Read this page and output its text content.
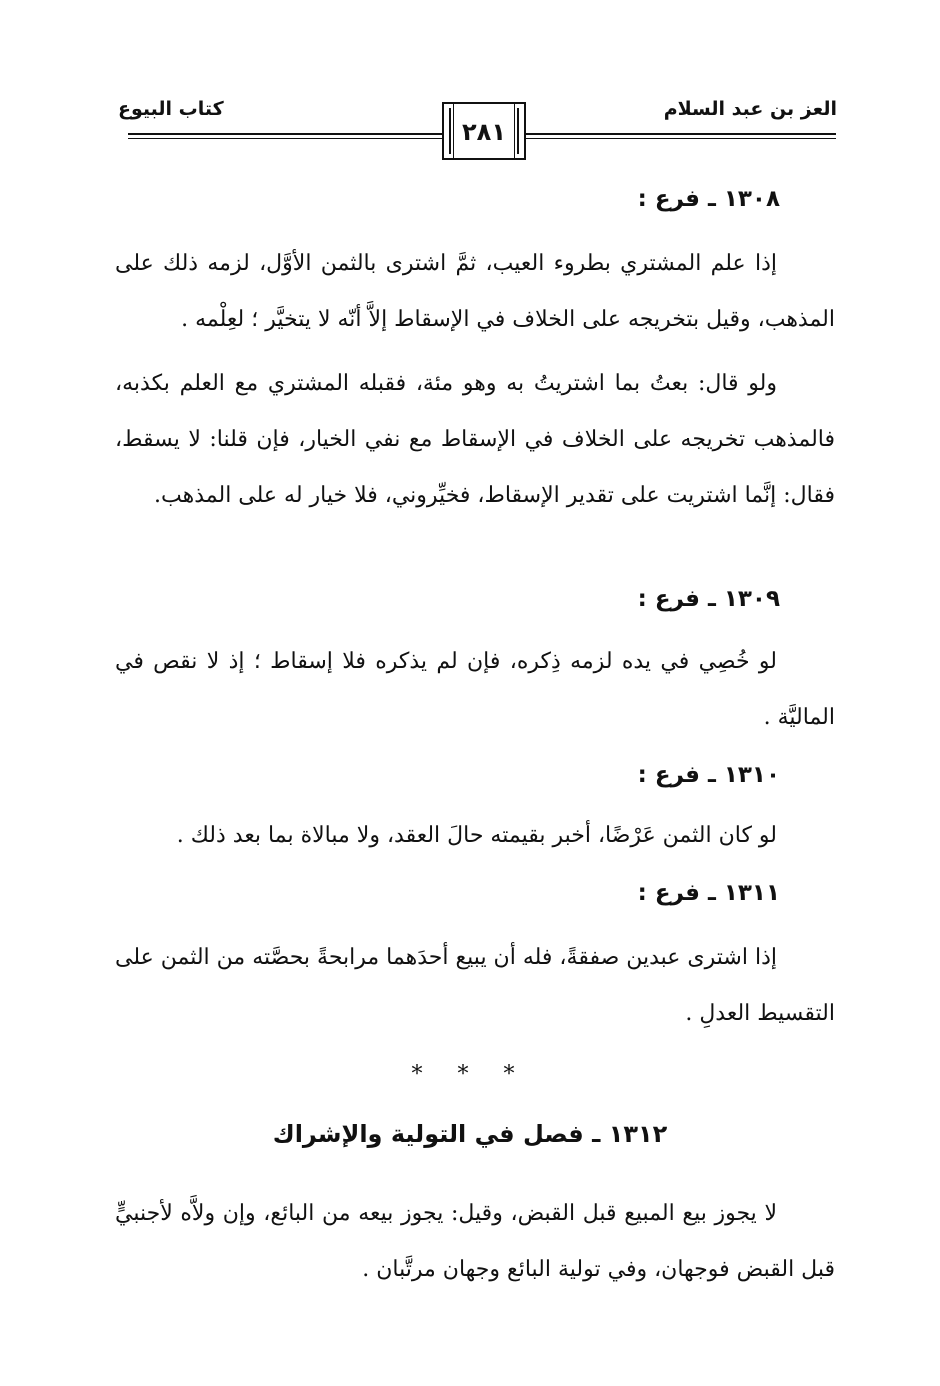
العز بن عبد السلام
كتاب البيوع
٢٨١
١٣٠٨ ـ فرع :
إذا علم المشتري بطروء العيب، ثمَّ اشترى بالثمن الأوَّل، لزمه ذلك على المذهب، وقيل بتخريجه على الخلاف في الإسقاط إلاَّ أنّه لا يتخيَّر ؛ لعِلْمه .
ولو قال: بعتُ بما اشتريتُ به وهو مئة، فقبله المشتري مع العلم بكذبه، فالمذهب تخريجه على الخلاف في الإسقاط مع نفي الخيار، فإن قلنا: لا يسقط، فقال: إنَّما اشتريت على تقدير الإسقاط، فخيِّروني، فلا خيار له على المذهب.
١٣٠٩ ـ فرع :
لو خُصِي في يده لزمه ذِكره، فإن لم يذكره فلا إسقاط ؛ إذ لا نقص في الماليَّة .
١٣١٠ ـ فرع :
لو كان الثمن عَرْضًا، أخبر بقيمته حالَ العقد، ولا مبالاة بما بعد ذلك .
١٣١١ ـ فرع :
إذا اشترى عبدين صفقةً، فله أن يبيع أحدَهما مرابحةً بحصَّته من الثمن على التقسيط العدلِ .
* * *
١٣١٢ ـ فصل في التولية والإشراك
لا يجوز بيع المبيع قبل القبض، وقيل: يجوز بيعه من البائع، وإن ولاَّه لأجنبيٍّ قبل القبض فوجهان، وفي تولية البائع وجهان مرتَّبان .
